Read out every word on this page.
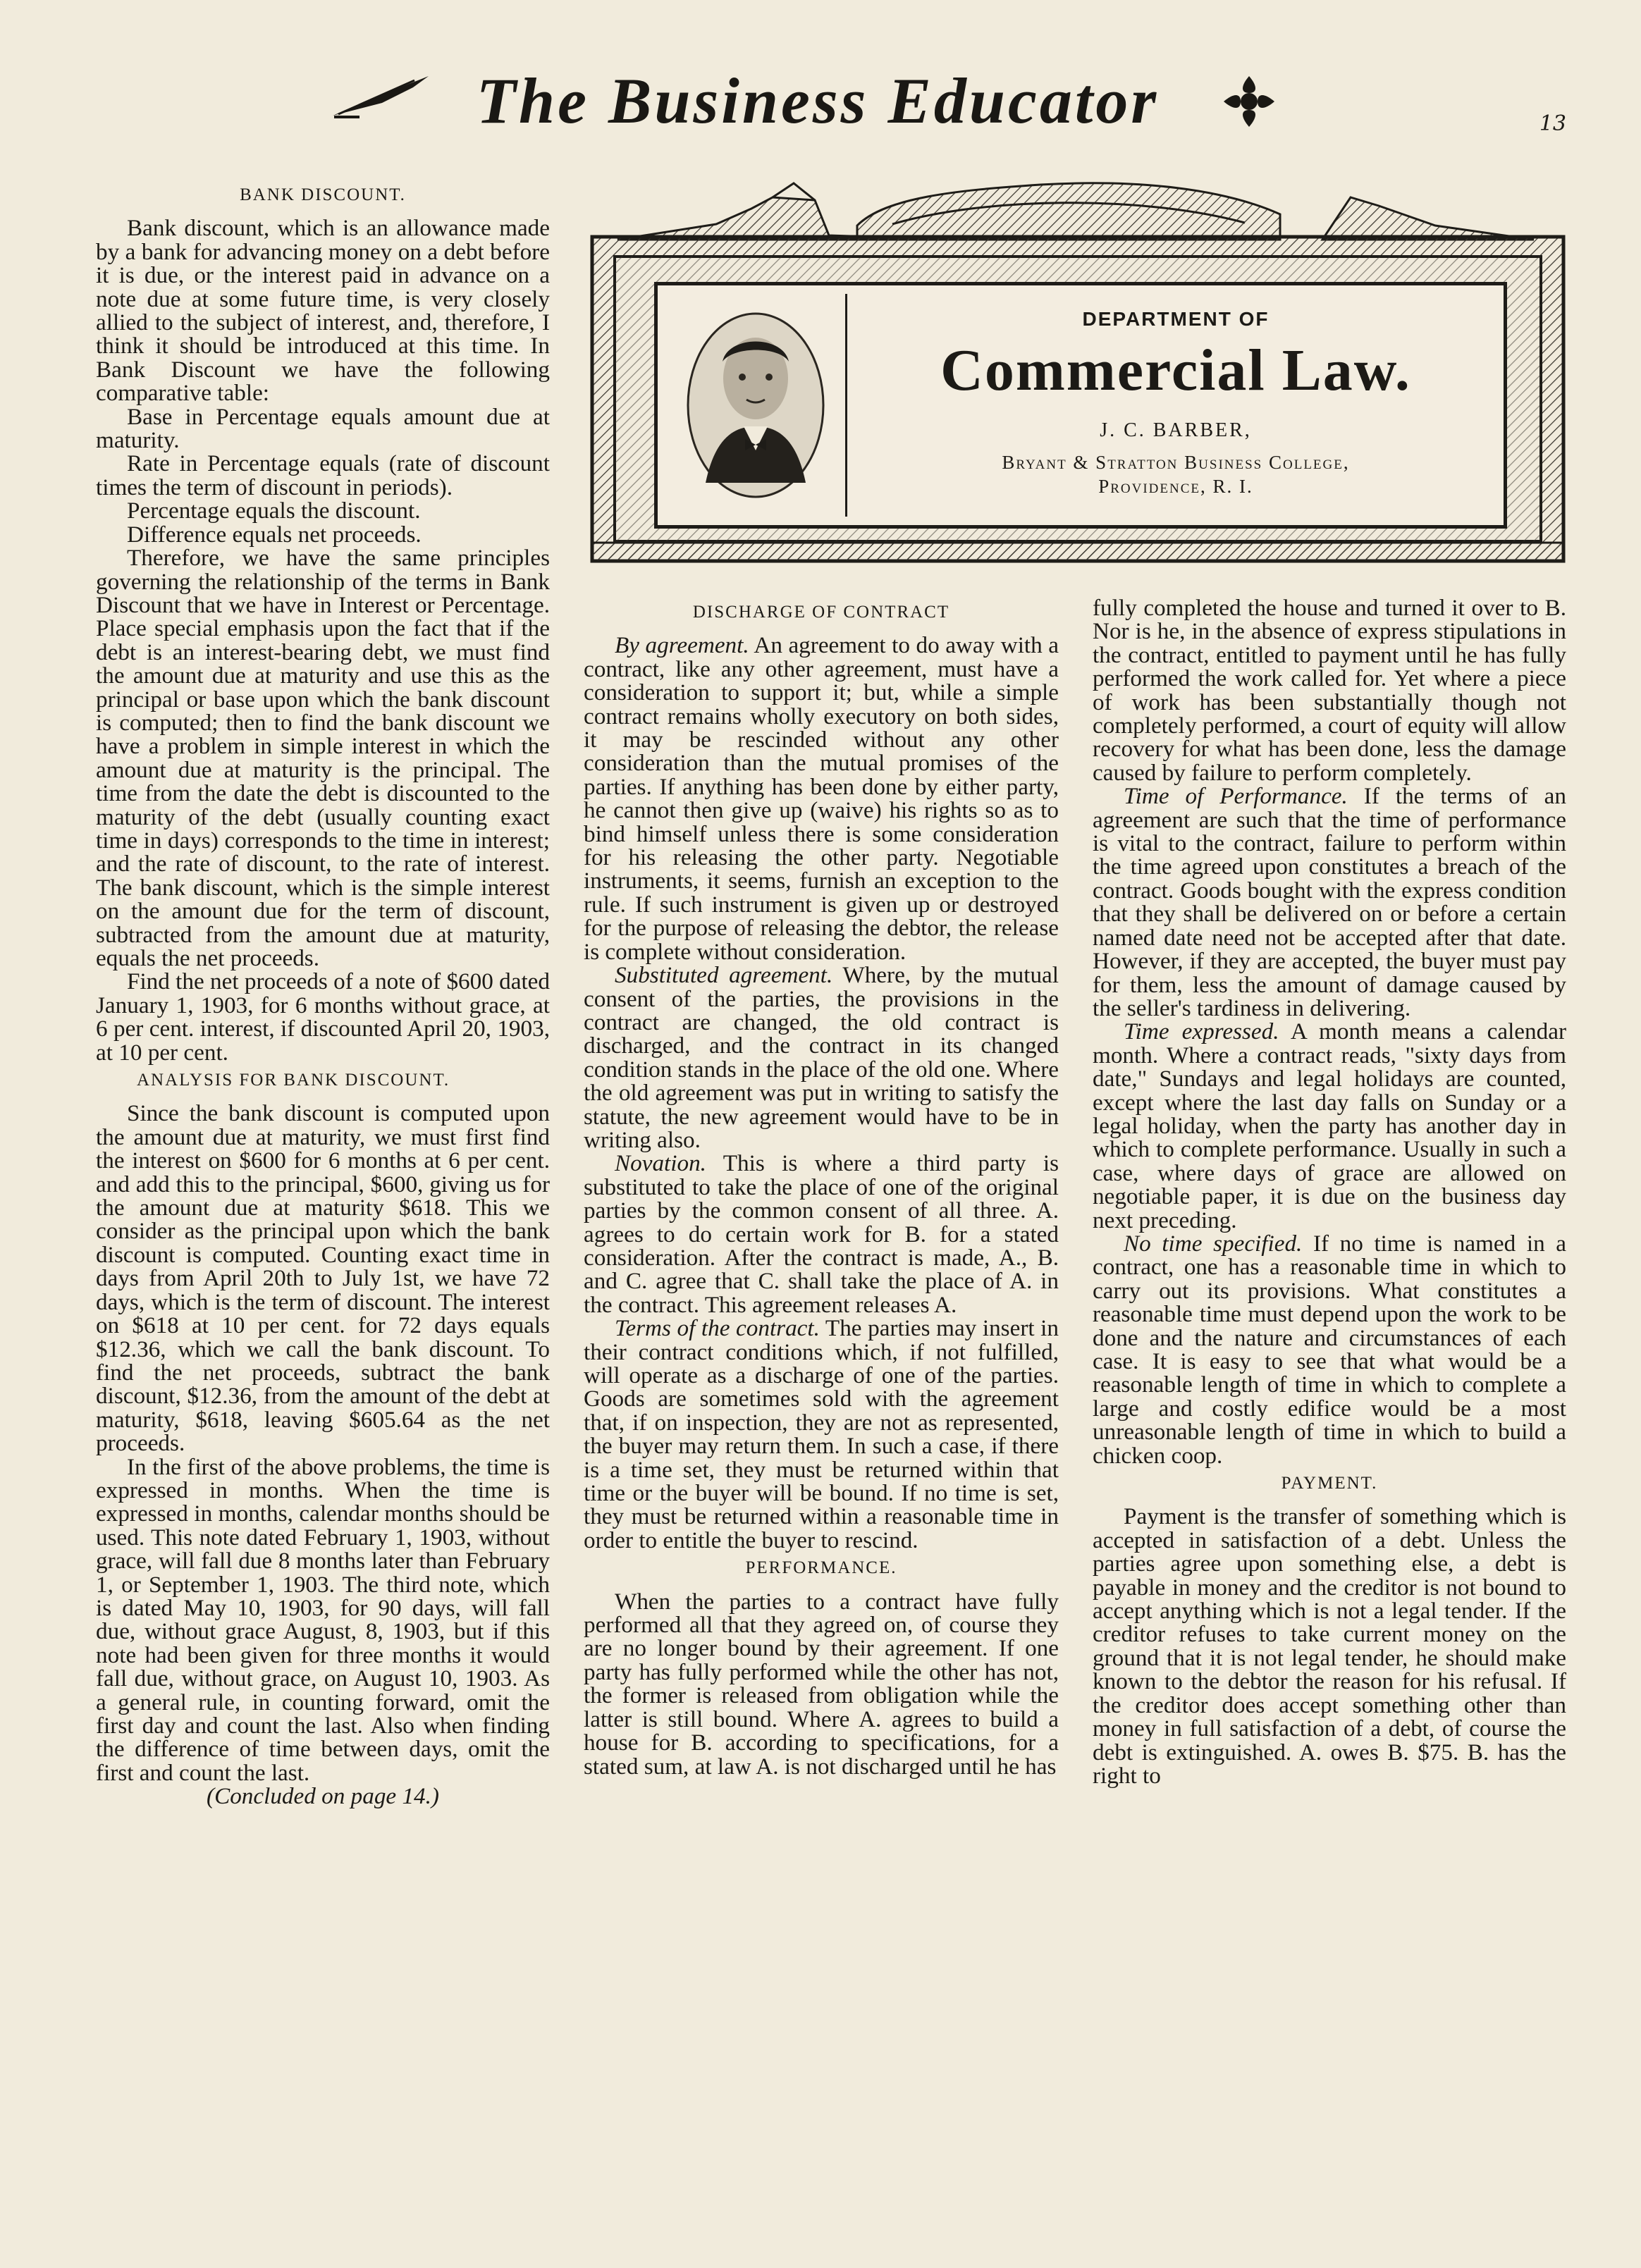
The Business Educator	13
BANK DISCOUNT.

Bank discount, which is an allowance made by a bank for advancing money on a debt before it is due, or the interest paid in advance on a note due at some future time, is very closely allied to the subject of interest, and, therefore, I think it should be introduced at this time. In Bank Discount we have the following comparative table:

Base in Percentage equals amount due at maturity.

Rate in Percentage equals (rate of discount times the term of discount in periods).

Percentage equals the discount.

Difference equals net proceeds.

Therefore, we have the same principles governing the relationship of the terms in Bank Discount that we have in Interest or Percentage. Place special emphasis upon the fact that if the debt is an interest-bearing debt, we must find the amount due at maturity and use this as the principal or base upon which the bank discount is computed; then to find the bank discount we have a problem in simple interest in which the amount due at maturity is the principal. The time from the date the debt is discounted to the maturity of the debt (usually counting exact time in days) corresponds to the time in interest; and the rate of discount, to the rate of interest. The bank discount, which is the simple interest on the amount due for the term of discount, subtracted from the amount due at maturity, equals the net proceeds.

Find the net proceeds of a note of $600 dated January 1, 1903, for 6 months without grace, at 6 per cent. interest, if discounted April 20, 1903, at 10 per cent.

ANALYSIS FOR BANK DISCOUNT.

Since the bank discount is computed upon the amount due at maturity, we must first find the interest on $600 for 6 months at 6 per cent. and add this to the principal, $600, giving us for the amount due at maturity $618. This we consider as the principal upon which the bank discount is computed. Counting exact time in days from April 20th to July 1st, we have 72 days, which is the term of discount. The interest on $618 at 10 per cent. for 72 days equals $12.36, which we call the bank discount. To find the net proceeds, subtract the bank discount, $12.36, from the amount of the debt at maturity, $618, leaving $605.64 as the net proceeds.

In the first of the above problems, the time is expressed in months. When the time is expressed in months, calendar months should be used. This note dated February 1, 1903, without grace, will fall due 8 months later than February 1, or September 1, 1903. The third note, which is dated May 10, 1903, for 90 days, will fall due, without grace August, 8, 1903, but if this note had been given for three months it would fall due, without grace, on August 10, 1903. As a general rule, in counting forward, omit the first day and count the last. Also when finding the difference of time between days, omit the first and count the last.

(Concluded on page 14.)

DEPARTMENT OF
Commercial Law.
J. C. BARBER,
Bryant & Stratton Business College,
Providence, R. I.
DISCHARGE OF CONTRACT

By agreement. An agreement to do away with a contract, like any other agreement, must have a consideration to support it; but, while a simple contract remains wholly executory on both sides, it may be rescinded without any other consideration than the mutual promises of the parties. If anything has been done by either party, he cannot then give up (waive) his rights so as to bind himself unless there is some consideration for his releasing the other party. Negotiable instruments, it seems, furnish an exception to the rule. If such instrument is given up or destroyed for the purpose of releasing the debtor, the release is complete without consideration.

Substituted agreement. Where, by the mutual consent of the parties, the provisions in the contract are changed, the old contract is discharged, and the contract in its changed condition stands in the place of the old one. Where the old agreement was put in writing to satisfy the statute, the new agreement would have to be in writing also.

Novation. This is where a third party is substituted to take the place of one of the original parties by the common consent of all three. A. agrees to do certain work for B. for a stated consideration. After the contract is made, A., B. and C. agree that C. shall take the place of A. in the contract. This agreement releases A.

Terms of the contract. The parties may insert in their contract conditions which, if not fulfilled, will operate as a discharge of one of the parties. Goods are sometimes sold with the agreement that, if on inspection, they are not as represented, the buyer may return them. In such a case, if there is a time set, they must be returned within that time or the buyer will be bound. If no time is set, they must be returned within a reasonable time in order to entitle the buyer to rescind.

PERFORMANCE.

When the parties to a contract have fully performed all that they agreed on, of course they are no longer bound by their agreement. If one party has fully performed while the other has not, the former is released from obligation while the latter is still bound. Where A. agrees to build a house for B. according to specifications, for a stated sum, at law A. is not discharged until he has

fully completed the house and turned it over to B. Nor is he, in the absence of express stipulations in the contract, entitled to payment until he has fully performed the work called for. Yet where a piece of work has been substantially though not completely performed, a court of equity will allow recovery for what has been done, less the damage caused by failure to perform completely.

Time of Performance. If the terms of an agreement are such that the time of performance is vital to the contract, failure to perform within the time agreed upon constitutes a breach of the contract. Goods bought with the express condition that they shall be delivered on or before a certain named date need not be accepted after that date. However, if they are accepted, the buyer must pay for them, less the amount of damage caused by the seller's tardiness in delivering.

Time expressed. A month means a calendar month. Where a contract reads, "sixty days from date," Sundays and legal holidays are counted, except where the last day falls on Sunday or a legal holiday, when the party has another day in which to complete performance. Usually in such a case, where days of grace are allowed on negotiable paper, it is due on the business day next preceding.

No time specified. If no time is named in a contract, one has a reasonable time in which to carry out its provisions. What constitutes a reasonable time must depend upon the work to be done and the nature and circumstances of each case. It is easy to see that what would be a reasonable length of time in which to complete a large and costly edifice would be a most unreasonable length of time in which to build a chicken coop.

PAYMENT.

Payment is the transfer of something which is accepted in satisfaction of a debt. Unless the parties agree upon something else, a debt is payable in money and the creditor is not bound to accept anything which is not a legal tender. If the creditor refuses to take current money on the ground that it is not legal tender, he should make known to the debtor the reason for his refusal. If the creditor does accept something other than money in full satisfaction of a debt, of course the debt is extinguished. A. owes B. $75. B. has the right to
